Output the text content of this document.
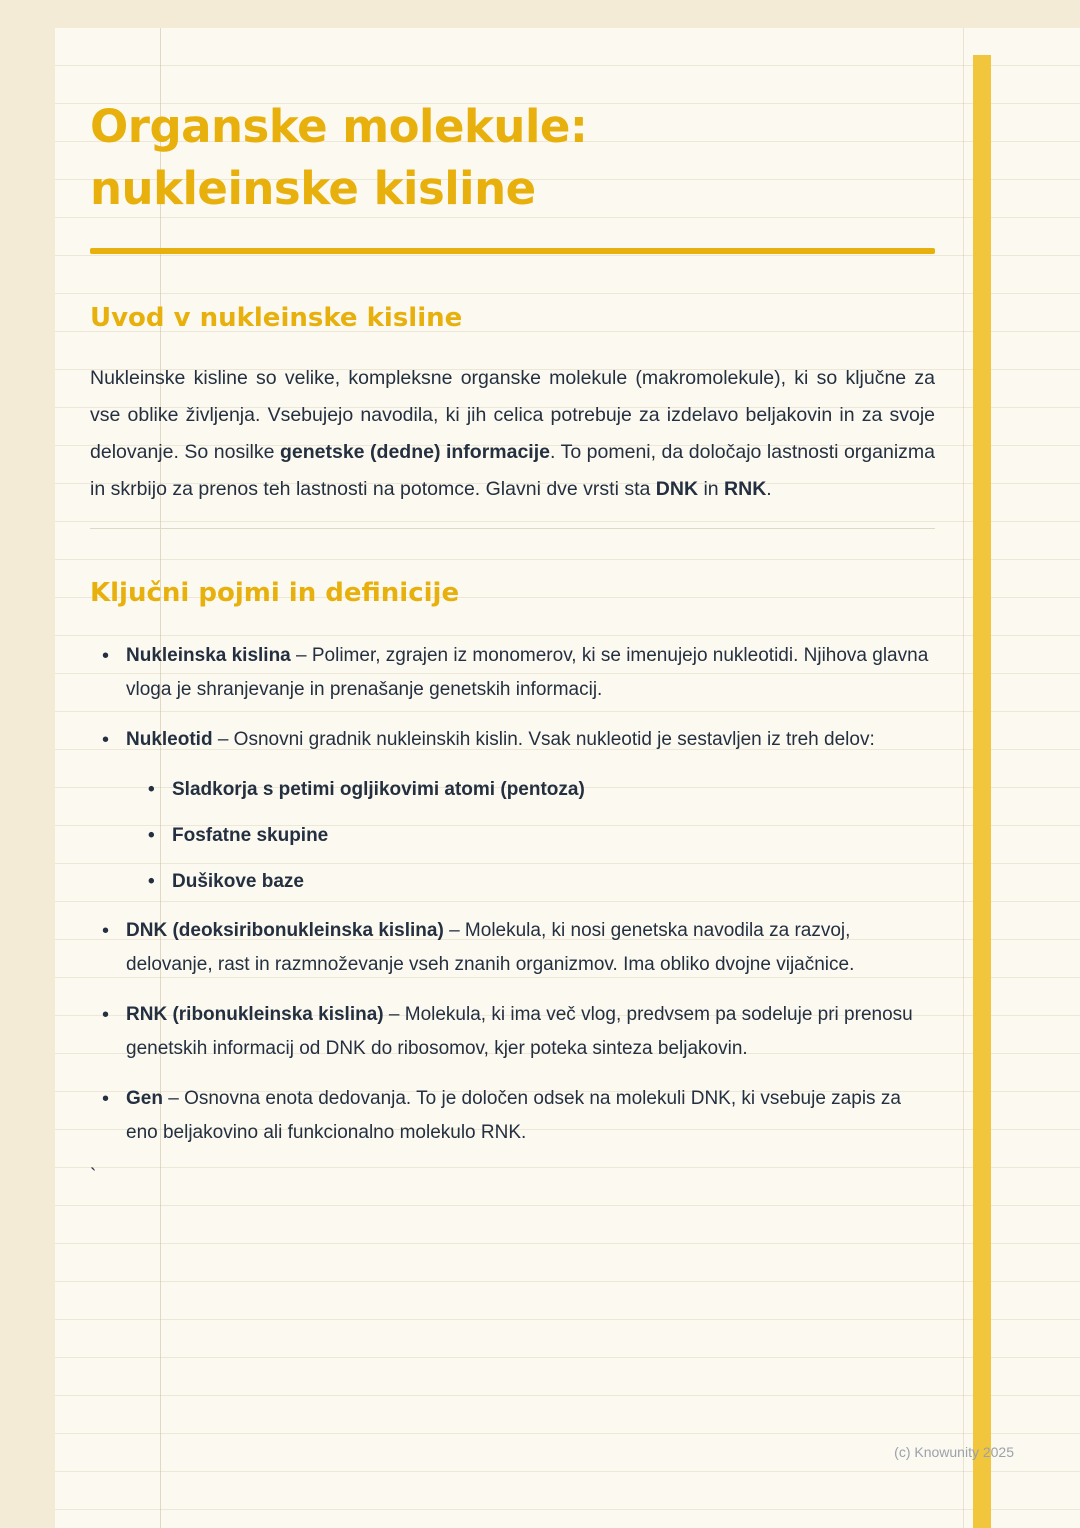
Organske molekule:
nukleinske kisline
Uvod v nukleinske kisline

Nukleinske kisline so velike, kompleksne organske molekule (makromolekule), ki so ključne za vse oblike življenja. Vsebujejo navodila, ki jih celica potrebuje za izdelavo beljakovin in za svoje delovanje. So nosilke genetske (dedne) informacije. To pomeni, da določajo lastnosti organizma in skrbijo za prenos teh lastnosti na potomce. Glavni dve vrsti sta DNK in RNK.

Ključni pojmi in definicije
• Nukleinska kislina – Polimer, zgrajen iz monomerov, ki se imenujejo nukleotidi. Njihova glavna vloga je shranjevanje in prenašanje genetskih informacij.
• Nukleotid – Osnovni gradnik nukleinskih kislin. Vsak nukleotid je sestavljen iz treh delov:
• Sladkorja s petimi ogljikovimi atomi (pentoza)
• Fosfatne skupine
• Dušikove baze
• DNK (deoksiribonukleinska kislina) – Molekula, ki nosi genetska navodila za razvoj, delovanje, rast in razmnoževanje vseh znanih organizmov. Ima obliko dvojne vijačnice.
• RNK (ribonukleinska kislina) – Molekula, ki ima več vlog, predvsem pa sodeluje pri prenosu genetskih informacij od DNK do ribosomov, kjer poteka sinteza beljakovin.
• Gen – Osnovna enota dedovanja. To je določen odsek na molekuli DNK, ki vsebuje zapis za eno beljakovino ali funkcionalno molekulo RNK.
`
(c) Knowunity 2025
